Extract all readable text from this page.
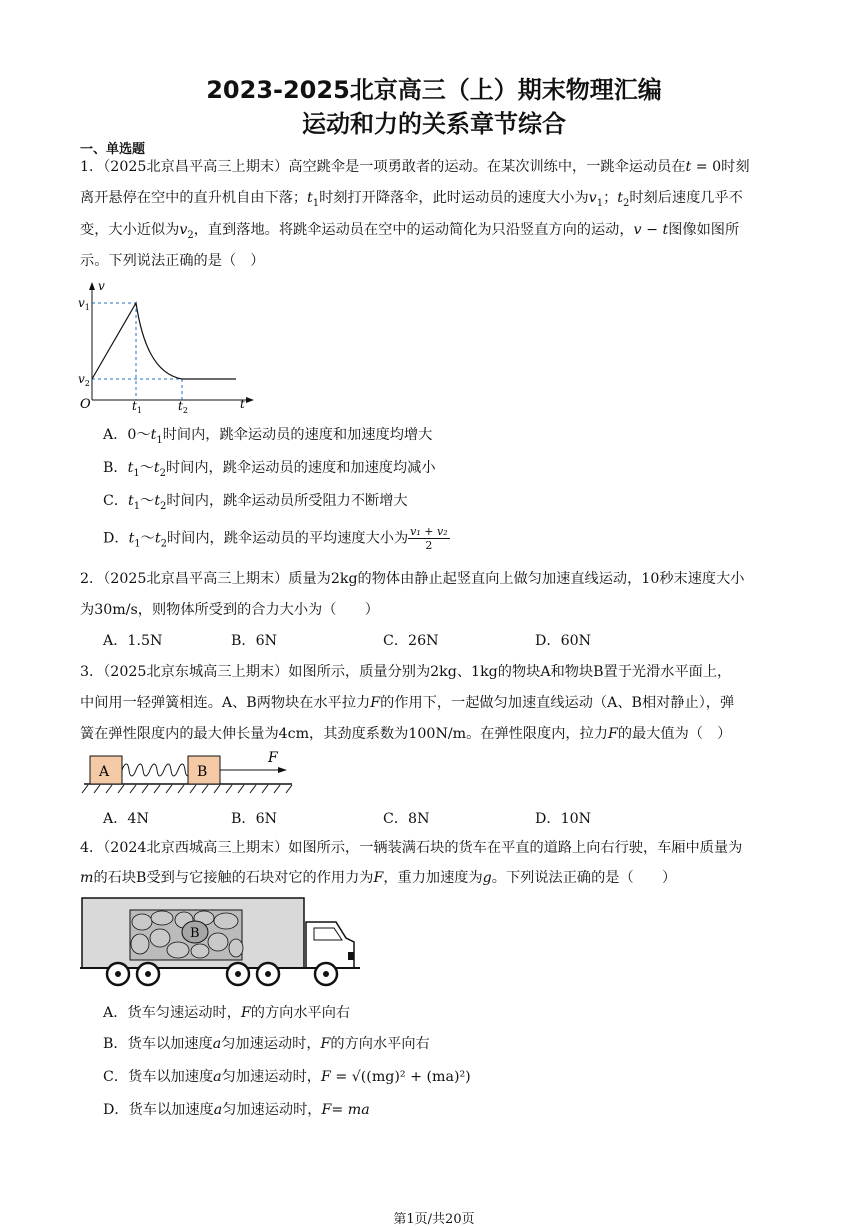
2023-2025北京高三（上）期末物理汇编
运动和力的关系章节综合
一、单选题
1．（2025北京昌平高三上期末）高空跳伞是一项勇敢者的运动。在某次训练中，一跳伞运动员在t = 0时刻
离开悬停在空中的直升机自由下落；$t_1$时刻打开降落伞，此时运动员的速度大小为$v_1$；$t_2$时刻后速度几乎不
变，大小近似为$v_2$，直到落地。将跳伞运动员在空中的运动简化为只沿竖直方向的运动，v − t图像如图所
示。下列说法正确的是（　）
v
$v_1$
$v_2$
O	$t_1$	$t_2$	t
A．$0\sim t_1$时间内，跳伞运动员的速度和加速度均增大
B．$t_1\sim t_2$时间内，跳伞运动员的速度和加速度均减小
C．$t_1\sim t_2$时间内，跳伞运动员所受阻力不断增大
D．$t_1\sim t_2$时间内，跳伞运动员的平均速度大小为 $\frac{\text{v₁ + v₂}}{2}$
2．（2025北京昌平高三上期末）质量为2kg的物体由静止起竖直向上做匀加速直线运动，10秒末速度大小
为30m/s，则物体所受到的合力大小为（　　）
A．1.5N	B．6N	C．26N	D．60N
3．（2025北京东城高三上期末）如图所示，质量分别为2kg、1kg的物块A和物块B置于光滑水平面上，
中间用一轻弹簧相连。A、B两物块在水平拉力F的作用下，一起做匀加速直线运动（A、B相对静止），弹
簧在弹性限度内的最大伸长量为4cm，其劲度系数为100N/m。在弹性限度内，拉力F的最大值为（　）
A	B
F
A．4N	B．6N	C．8N	D．10N
4．（2024北京西城高三上期末）如图所示，一辆装满石块的货车在平直的道路上向右行驶，车厢中质量为
m的石块B受到与它接触的石块对它的作用力为F，重力加速度为g。下列说法正确的是（　　）
B
A．货车匀速运动时，F的方向水平向右
B．货车以加速度a匀加速运动时，F的方向水平向右
C．货车以加速度a匀加速运动时，F = √((mg)² + (ma)²)
D．货车以加速度a匀加速运动时，F= ma
第1页/共20页
